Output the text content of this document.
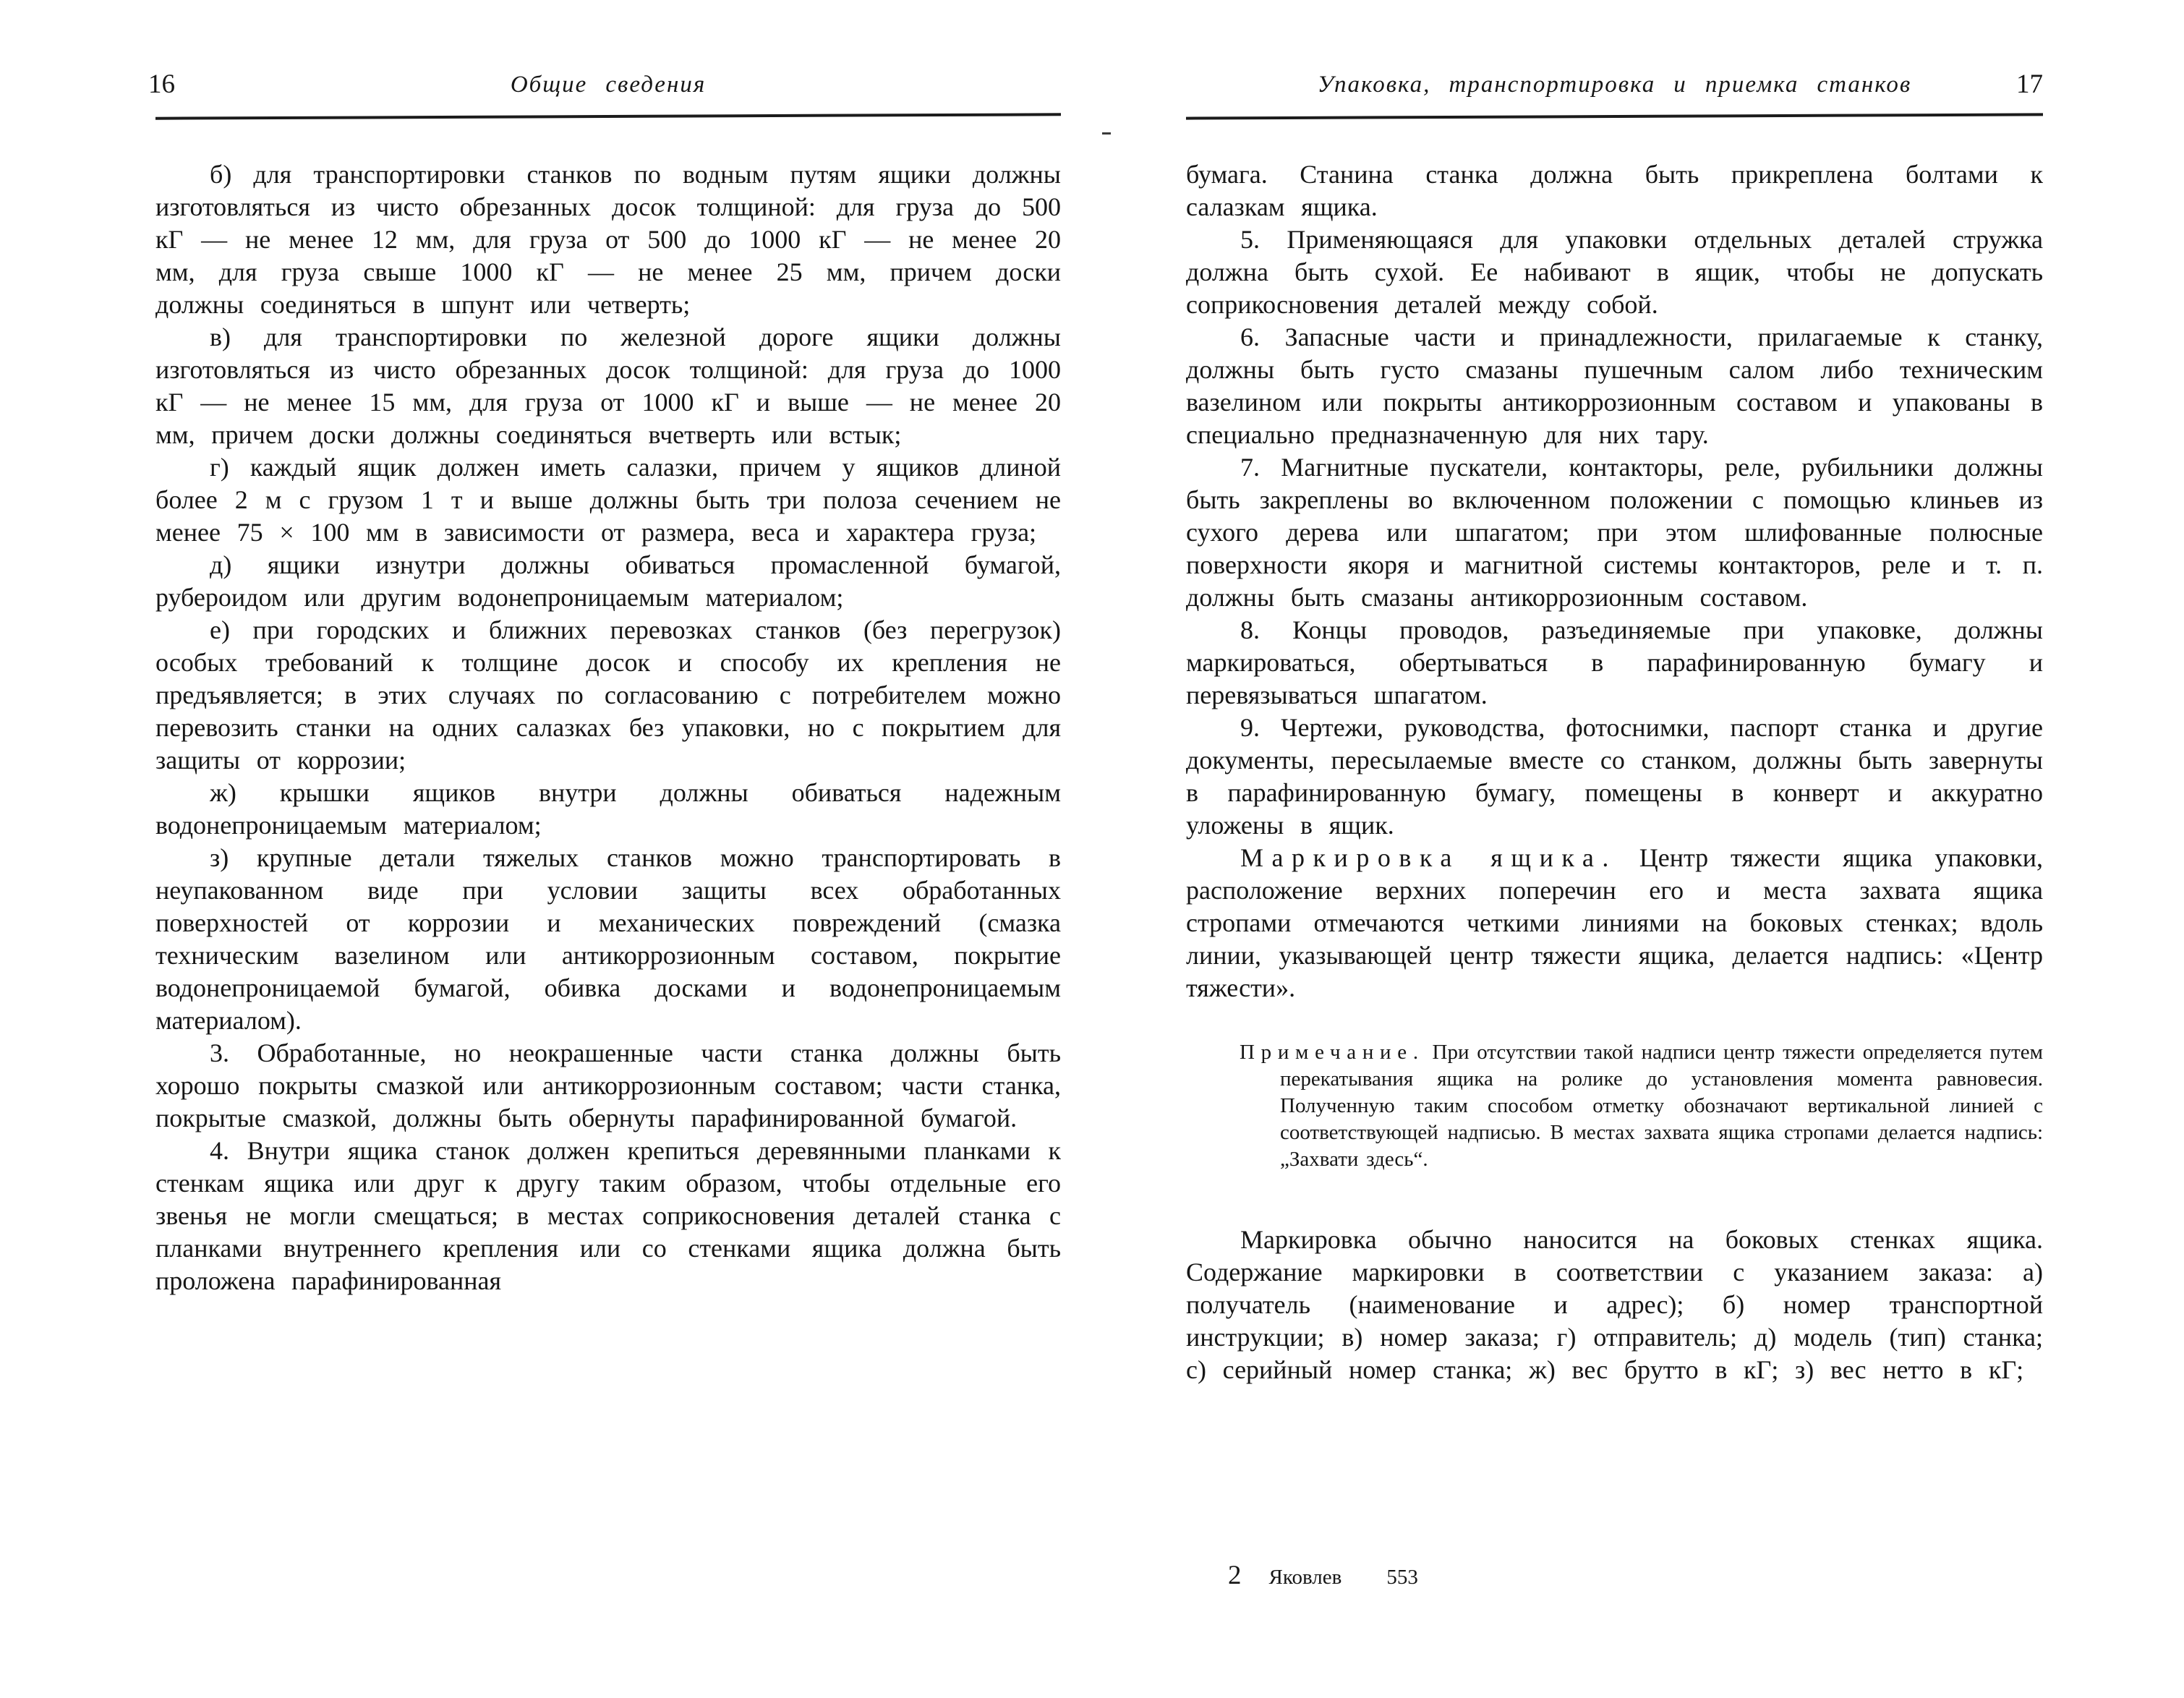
16	Общие сведения

б) для транспортировки станков по водным путям ящики должны изготовляться из чисто обрезанных досок толщиной: для груза до 500 кГ — не менее 12 мм, для груза от 500 до 1000 кГ — не менее 20 мм, для груза свыше 1000 кГ — не менее 25 мм, причем доски должны соединяться в шпунт или четверть;

в) для транспортировки по железной дороге ящики должны изготовляться из чисто обрезанных досок толщиной: для груза до 1000 кГ — не менее 15 мм, для груза от 1000 кГ и выше — не менее 20 мм, причем доски должны соединяться вчетверть или встык;

г) каждый ящик должен иметь салазки, причем у ящиков длиной более 2 м с грузом 1 т и выше должны быть три полоза сечением не менее 75 × 100 мм в зависимости от размера, веса и характера груза;

д) ящики изнутри должны обиваться промасленной бумагой, рубероидом или другим водонепроницаемым материалом;

е) при городских и ближних перевозках станков (без перегрузок) особых требований к толщине досок и способу их крепления не предъявляется; в этих случаях по согласованию с потребителем можно перевозить станки на одних салазках без упаковки, но с покрытием для защиты от коррозии;

ж) крышки ящиков внутри должны обиваться надежным водонепроницаемым материалом;

з) крупные детали тяжелых станков можно транспортировать в неупакованном виде при условии защиты всех обработанных поверхностей от коррозии и механических повреждений (смазка техническим вазелином или антикоррозионным составом, покрытие водонепроницаемой бумагой, обивка досками и водонепроницаемым материалом).

3. Обработанные, но неокрашенные части станка должны быть хорошо покрыты смазкой или антикоррозионным составом; части станка, покрытые смазкой, должны быть обернуты парафинированной бумагой.

4. Внутри ящика станок должен крепиться деревянными планками к стенкам ящика или друг к другу таким образом, чтобы отдельные его звенья не могли смещаться; в местах соприкосновения деталей станка с планками внутреннего крепления или со стенками ящика должна быть проложена парафинированная

17
Упаковка, транспортировка и приемка станков

бумага. Станина станка должна быть прикреплена болтами к салазкам ящика.

5. Применяющаяся для упаковки отдельных деталей стружка должна быть сухой. Ее набивают в ящик, чтобы не допускать соприкосновения деталей между собой.

6. Запасные части и принадлежности, прилагаемые к станку, должны быть густо смазаны пушечным салом либо техническим вазелином или покрыты антикоррозионным составом и упакованы в специально предназначенную для них тару.

7. Магнитные пускатели, контакторы, реле, рубильники должны быть закреплены во включенном положении с помощью клиньев из сухого дерева или шпагатом; при этом шлифованные полюсные поверхности якоря и магнитной системы контакторов, реле и т. п. должны быть смазаны антикоррозионным составом.

8. Концы проводов, разъединяемые при упаковке, должны маркироваться, обертываться в парафинированную бумагу и перевязываться шпагатом.

9. Чертежи, руководства, фотоснимки, паспорт станка и другие документы, пересылаемые вместе со станком, должны быть завернуты в парафинированную бумагу, помещены в конверт и аккуратно уложены в ящик.

Маркировка ящика. Центр тяжести ящика упаковки, расположение верхних поперечин его и места захвата ящика стропами отмечаются четкими линиями на боковых стенках; вдоль линии, указывающей центр тяжести ящика, делается надпись: «Центр тяжести».

Примечание. При отсутствии такой надписи центр тяжести определяется путем перекатывания ящика на ролике до установления момента равновесия. Полученную таким способом отметку обозначают вертикальной линией с соответствующей надписью. В местах захвата ящика стропами делается надпись: „Захвати здесь“.

Маркировка обычно наносится на боковых стенках ящика. Содержание маркировки в соответствии с указанием заказа: а) получатель (наименование и адрес); б) номер транспортной инструкции; в) номер заказа; г) отправитель; д) модель (тип) станка; с) серийный номер станка; ж) вес брутто в кГ; з) вес нетто в кГ;

2 Яковлев 553
